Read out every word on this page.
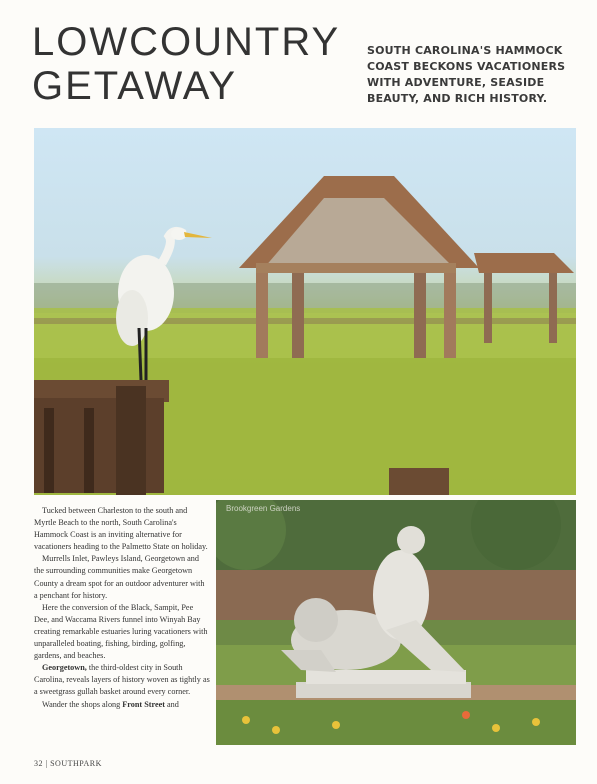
LOWCOUNTRY
GETAWAY
SOUTH CAROLINA'S HAMMOCK COAST BECKONS VACATIONERS WITH ADVENTURE, SEASIDE BEAUTY, AND RICH HISTORY.

Tucked between Charleston to the south and Myrtle Beach to the north, South Carolina's Hammock Coast is an inviting alternative for vacationers heading to the Palmetto State on holiday.

Murrells Inlet, Pawleys Island, Georgetown and the surrounding communities make Georgetown County a dream spot for an outdoor adventurer with a penchant for history.

Here the conversion of the Black, Sampit, Pee Dee, and Waccama Rivers funnel into Winyah Bay creating remarkable estuaries luring vacationers with unparalleled boating, fishing, birding, golfing, gardens, and beaches.

Georgetown, the third-oldest city in South Carolina, reveals layers of history woven as tightly as a sweetgrass gullah basket around every corner.

Wander the shops along Front Street and

Brookgreen Gardens
32 | SOUTHPARK
